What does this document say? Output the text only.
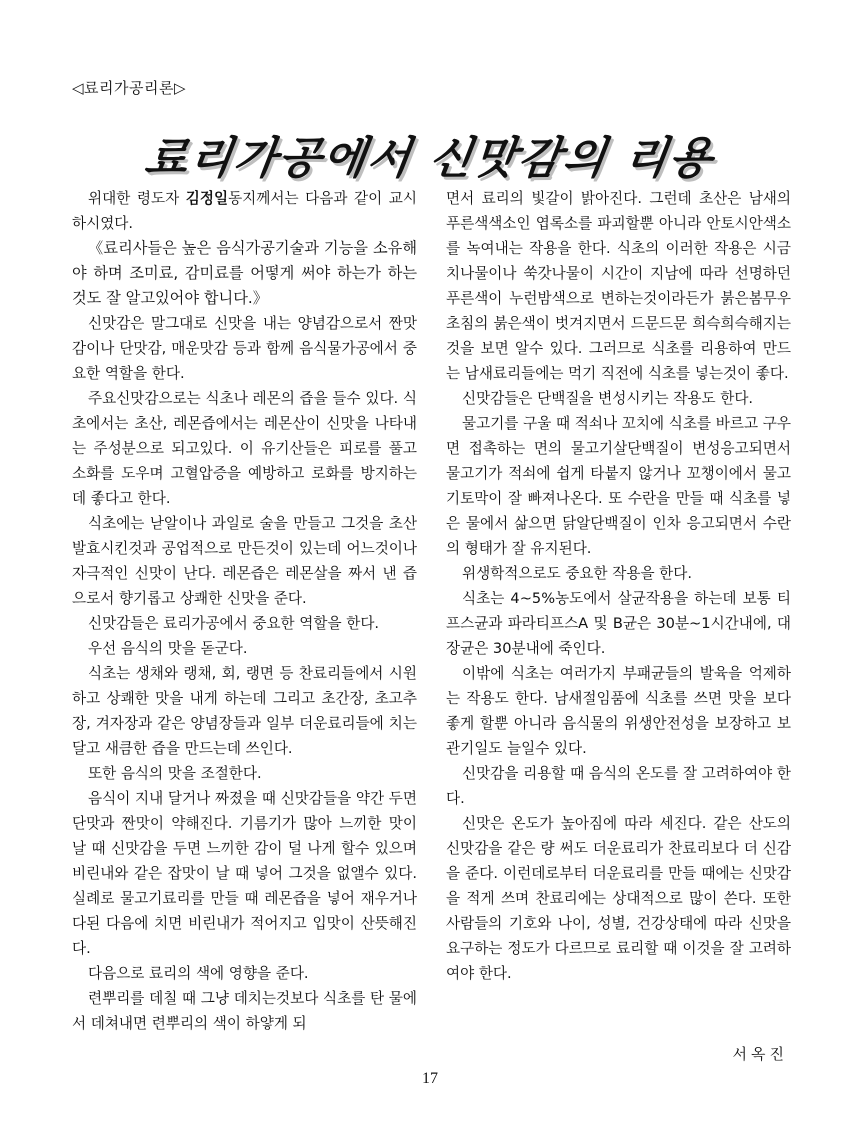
◁료리가공리론▷
료리가공에서 신맛감의 리용

위대한 령도자 김정일동지께서는 다음과 같이 교시하시였다.

《료리사들은 높은 음식가공기술과 기능을 소유해야 하며 조미료, 감미료를 어떻게 써야 하는가 하는것도 잘 알고있어야 합니다.》

신맛감은 말그대로 신맛을 내는 양념감으로서 짠맛감이나 단맛감, 매운맛감 등과 함께 음식물가공에서 중요한 역할을 한다.

주요신맛감으로는 식초나 레몬의 즙을 들수 있다. 식초에서는 초산, 레몬즙에서는 레몬산이 신맛을 나타내는 주성분으로 되고있다. 이 유기산들은 피로를 풀고 소화를 도우며 고혈압증을 예방하고 로화를 방지하는데 좋다고 한다.

식초에는 낟알이나 과일로 술을 만들고 그것을 초산발효시킨것과 공업적으로 만든것이 있는데 어느것이나 자극적인 신맛이 난다. 레몬즙은 레몬살을 짜서 낸 즙으로서 향기롭고 상쾌한 신맛을 준다.

신맛감들은 료리가공에서 중요한 역할을 한다.

우선 음식의 맛을 돋군다.

식초는 생채와 랭채, 회, 랭면 등 찬료리들에서 시원하고 상쾌한 맛을 내게 하는데 그리고 초간장, 초고추장, 겨자장과 같은 양념장들과 일부 더운료리들에 치는 달고 새큼한 즙을 만드는데 쓰인다.

또한 음식의 맛을 조절한다.

음식이 지내 달거나 짜졌을 때 신맛감들을 약간 두면 단맛과 짠맛이 약해진다. 기름기가 많아 느끼한 맛이 날 때 신맛감을 두면 느끼한 감이 덜 나게 할수 있으며 비린내와 같은 잡맛이 날 때 넣어 그것을 없앨수 있다. 실례로 물고기료리를 만들 때 레몬즙을 넣어 재우거나 다된 다음에 치면 비린내가 적어지고 입맛이 산뜻해진다.

다음으로 료리의 색에 영향을 준다.

련뿌리를 데칠 때 그냥 데치는것보다 식초를 탄 물에서 데쳐내면 련뿌리의 색이 하얗게 되

면서 료리의 빛갈이 밝아진다. 그런데 초산은 남새의 푸른색색소인 엽록소를 파괴할뿐 아니라 안토시안색소를 녹여내는 작용을 한다. 식초의 이러한 작용은 시금치나물이나 쑥갓나물이 시간이 지남에 따라 선명하던 푸른색이 누런밤색으로 변하는것이라든가 붉은봄무우초침의 붉은색이 벗겨지면서 드문드문 희슥희슥해지는것을 보면 알수 있다. 그러므로 식초를 리용하여 만드는 남새료리들에는 먹기 직전에 식초를 넣는것이 좋다.

신맛감들은 단백질을 변성시키는 작용도 한다.

물고기를 구울 때 적쇠나 꼬치에 식초를 바르고 구우면 접촉하는 면의 물고기살단백질이 변성응고되면서 물고기가 적쇠에 쉽게 타붙지 않거나 꼬챙이에서 물고기토막이 잘 빠져나온다. 또 수란을 만들 때 식초를 넣은 물에서 삶으면 닭알단백질이 인차 응고되면서 수란의 형태가 잘 유지된다.

위생학적으로도 중요한 작용을 한다.

식초는 4~5%농도에서 살균작용을 하는데 보통 티프스균과 파라티프스A 및 B균은 30분~1시간내에, 대장균은 30분내에 죽인다.

이밖에 식초는 여러가지 부패균들의 발육을 억제하는 작용도 한다. 남새절임품에 식초를 쓰면 맛을 보다 좋게 할뿐 아니라 음식물의 위생안전성을 보장하고 보관기일도 늘일수 있다.

신맛감을 리용할 때 음식의 온도를 잘 고려하여야 한다.

신맛은 온도가 높아짐에 따라 세진다. 같은 산도의 신맛감을 같은 량 써도 더운료리가 찬료리보다 더 신감을 준다. 이런데로부터 더운료리를 만들 때에는 신맛감을 적게 쓰며 찬료리에는 상대적으로 많이 쓴다. 또한 사람들의 기호와 나이, 성별, 건강상태에 따라 신맛을 요구하는 정도가 다르므로 료리할 때 이것을 잘 고려하여야 한다.

서옥진
17
